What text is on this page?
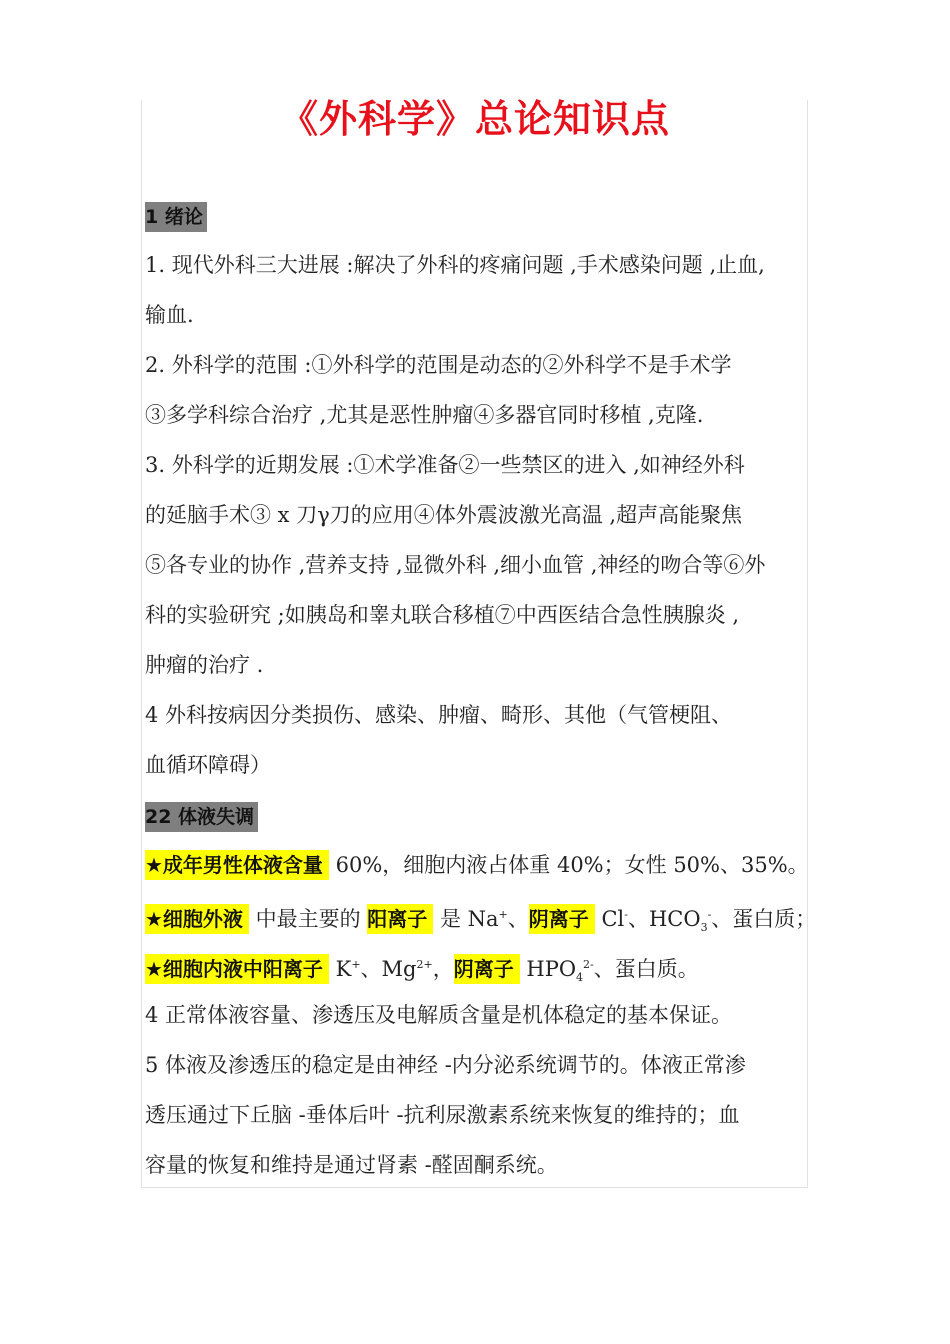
《外科学》总论知识点
1 绪论
1. 现代外科三大进展 :解决了外科的疼痛问题 ,手术感染问题 ,止血,
输血.
2. 外科学的范围 :①外科学的范围是动态的②外科学不是手术学
③多学科综合治疗 ,尤其是恶性肿瘤④多器官同时移植 ,克隆.
3. 外科学的近期发展 :①术学准备②一些禁区的进入 ,如神经外科
的延脑手术③ x 刀γ刀的应用④体外震波激光高温 ,超声高能聚焦
⑤各专业的协作 ,营养支持 ,显微外科 ,细小血管 ,神经的吻合等⑥外
科的实验研究 ;如胰岛和睾丸联合移植⑦中西医结合急性胰腺炎 ,
肿瘤的治疗 .
4 外科按病因分类损伤、感染、肿瘤、畸形、其他（气管梗阻、
血循环障碍）
22 体液失调
★成年男性体液含量 60%，细胞内液占体重 40%；女性 50%、35%。
★细胞外液 中最主要的 阳离子 是 Na+、阴离子 Cl-、$HCO_3^-$、蛋白质；
★细胞内液中阳离子 K+、$Mg^{2+}$，阴离子 $HPO_4^{2-}$、蛋白质。
4 正常体液容量、渗透压及电解质含量是机体稳定的基本保证。
5 体液及渗透压的稳定是由神经 -内分泌系统调节的。体液正常渗
透压通过下丘脑 -垂体后叶 -抗利尿激素系统来恢复的维持的；血
容量的恢复和维持是通过肾素 -醛固酮系统。
